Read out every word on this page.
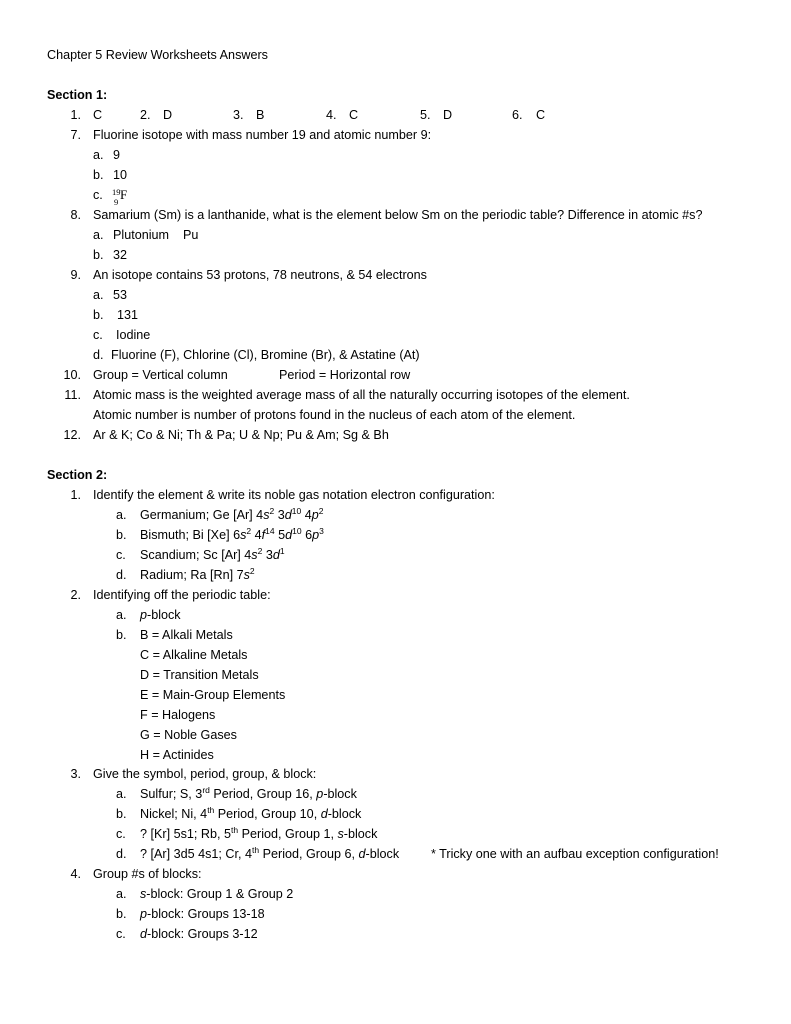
Chapter 5 Review Worksheets Answers
Section 1:
1. C	2. D	3. B	4. C	5. D	6. C
7. Fluorine isotope with mass number 19 and atomic number 9:
a. 9
b. 10
c. 19
9 F
8. Samarium (Sm) is a lanthanide, what is the element below Sm on the periodic table? Difference in atomic #s?
a. Plutonium    Pu
b. 32
9. An isotope contains 53 protons, 78 neutrons, & 54 electrons
a. 53
b. 131
c. Iodine
d. Fluorine (F), Chlorine (Cl), Bromine (Br), & Astatine (At)
10. Group = Vertical column	Period = Horizontal row
11. Atomic mass is the weighted average mass of all the naturally occurring isotopes of the element.
Atomic number is number of protons found in the nucleus of each atom of the element.
12. Ar & K; Co & Ni; Th & Pa; U & Np; Pu & Am; Sg & Bh
Section 2:
1. Identify the element & write its noble gas notation electron configuration:
a. Germanium; Ge [Ar] $4s^2$ $3d^{10}$ $4p^2$
b. Bismuth; Bi [Xe] $6s^2$ $4f^{14}$ $5d^{10}$ $6p^3$
c. Scandium; Sc [Ar] $4s^2$ $3d^1$
d. Radium; Ra [Rn] $7s^2$
2. Identifying off the periodic table:
a. p-block
b. B = Alkali Metals
C = Alkaline Metals
D = Transition Metals
E = Main-Group Elements
F = Halogens
G = Noble Gases
H = Actinides
3. Give the symbol, period, group, & block:
a. Sulfur; S, 3rd Period, Group 16, p-block
b. Nickel; Ni, 4th Period, Group 10, d-block
c. ? [Kr] 5s1; Rb, 5th Period, Group 1, s-block
d. ? [Ar] 3d5 4s1; Cr, 4th Period, Group 6, d-block	* Tricky one with an aufbau exception configuration!
4. Group #s of blocks:
a. s-block: Group 1 & Group 2
b. p-block: Groups 13-18
c. d-block: Groups 3-12
